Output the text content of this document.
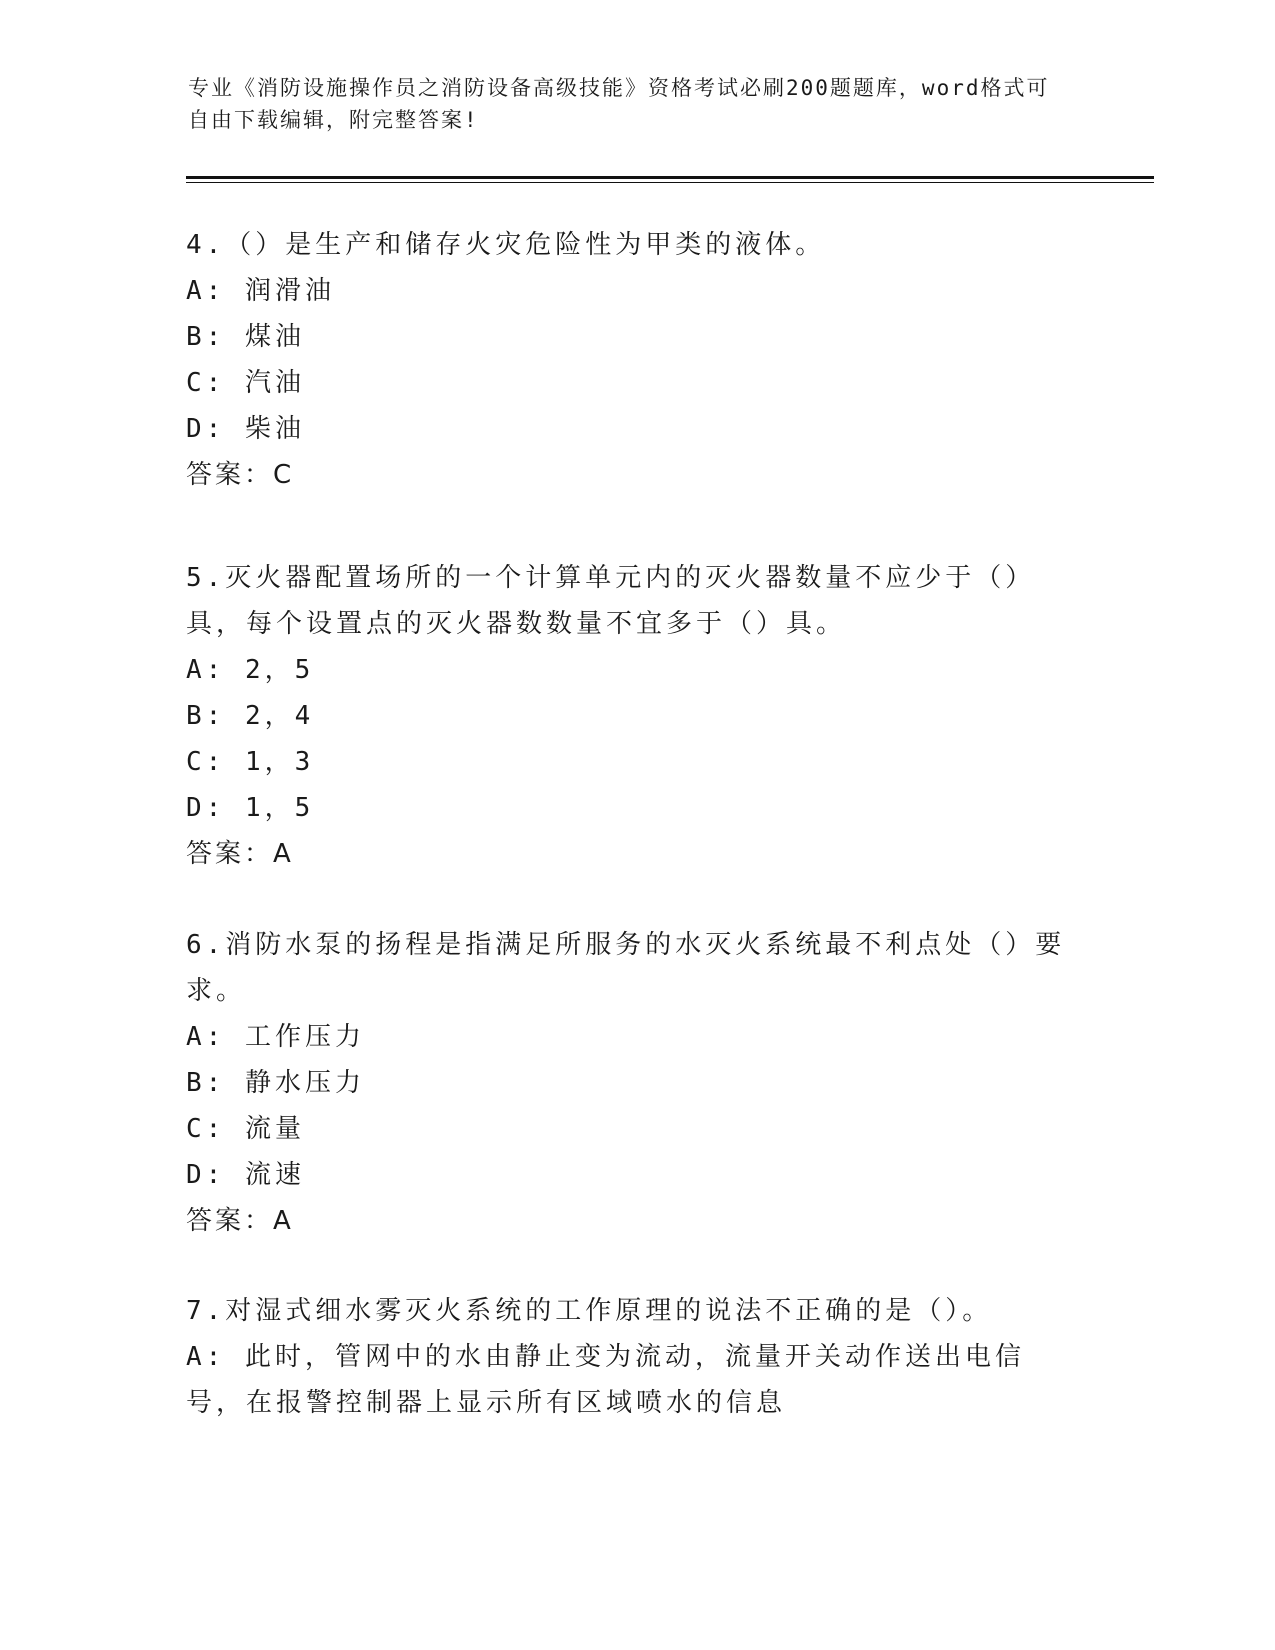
专业《消防设施操作员之消防设备高级技能》资格考试必刷200题题库，word格式可自由下载编辑，附完整答案!

4.（）是生产和储存火灾危险性为甲类的液体。

A: 润滑油

B: 煤油

C: 汽油

D: 柴油

答案：C

5.灭火器配置场所的一个计算单元内的灭火器数量不应少于（）具，每个设置点的灭火器数数量不宜多于（）具。

A: 2，5

B: 2，4

C: 1，3

D: 1，5

答案：A

6.消防水泵的扬程是指满足所服务的水灭火系统最不利点处（）要求。

A: 工作压力

B: 静水压力

C: 流量

D: 流速

答案：A

7.对湿式细水雾灭火系统的工作原理的说法不正确的是（）。

A: 此时，管网中的水由静止变为流动，流量开关动作送出电信号，在报警控制器上显示所有区域喷水的信息
